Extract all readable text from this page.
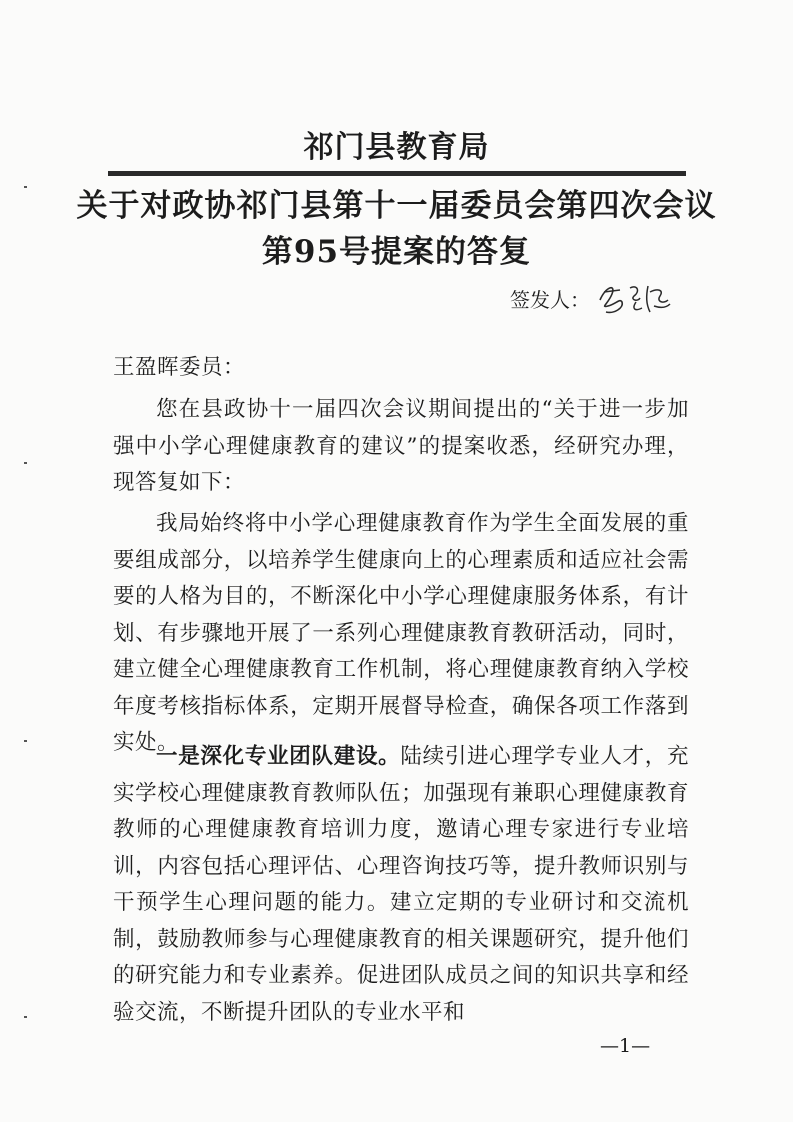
祁门县教育局
关于对政协祁门县第十一届委员会第四次会议
第95号提案的答复
签发人：
王盈晖委员：
您在县政协十一届四次会议期间提出的“关于进一步加强中小学心理健康教育的建议”的提案收悉，经研究办理，现答复如下：
我局始终将中小学心理健康教育作为学生全面发展的重要组成部分，以培养学生健康向上的心理素质和适应社会需要的人格为目的，不断深化中小学心理健康服务体系，有计划、有步骤地开展了一系列心理健康教育教研活动，同时，建立健全心理健康教育工作机制，将心理健康教育纳入学校年度考核指标体系，定期开展督导检查，确保各项工作落到实处。
一是深化专业团队建设。陆续引进心理学专业人才，充实学校心理健康教育教师队伍；加强现有兼职心理健康教育教师的心理健康教育培训力度，邀请心理专家进行专业培训，内容包括心理评估、心理咨询技巧等，提升教师识别与干预学生心理问题的能力。建立定期的专业研讨和交流机制，鼓励教师参与心理健康教育的相关课题研究，提升他们的研究能力和专业素养。促进团队成员之间的知识共享和经验交流，不断提升团队的专业水平和
—1—
